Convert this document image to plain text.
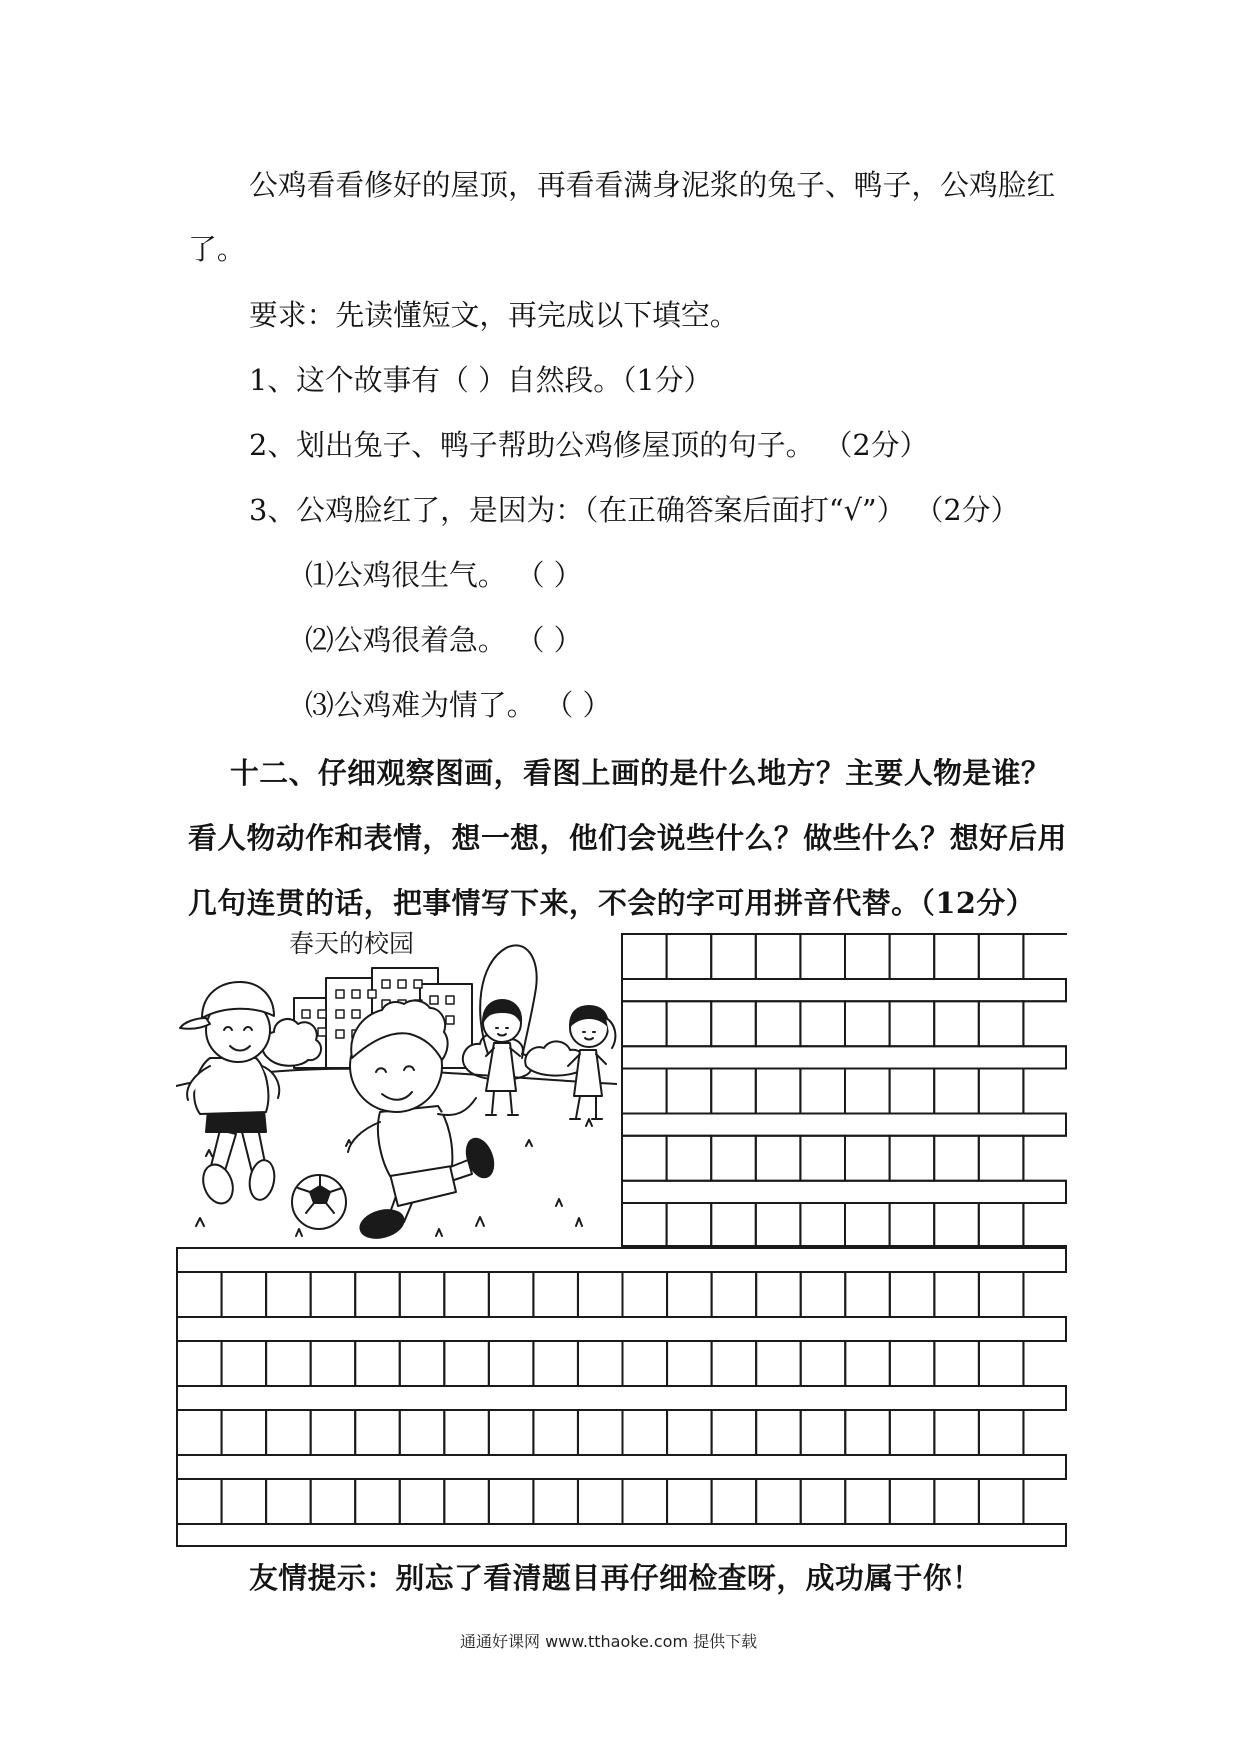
公鸡看看修好的屋顶，再看看满身泥浆的兔子、鸭子，公鸡脸红
了。
要求：先读懂短文，再完成以下填空。
1、这个故事有（ ）自然段。（1分）
2、划出兔子、鸭子帮助公鸡修屋顶的句子。 （2分）
3、公鸡脸红了，是因为：（在正确答案后面打“√”） （2分）
⑴公鸡很生气。 （ ）
⑵公鸡很着急。 （ ）
⑶公鸡难为情了。 （ ）
十二、仔细观察图画，看图上画的是什么地方？主要人物是谁？
看人物动作和表情，想一想，他们会说些什么？做些什么？想好后用
几句连贯的话，把事情写下来，不会的字可用拼音代替。（12分）
春天的校园
友情提示：别忘了看清题目再仔细检查呀，成功属于你！
通通好课网 www.tthaoke.com 提供下载
